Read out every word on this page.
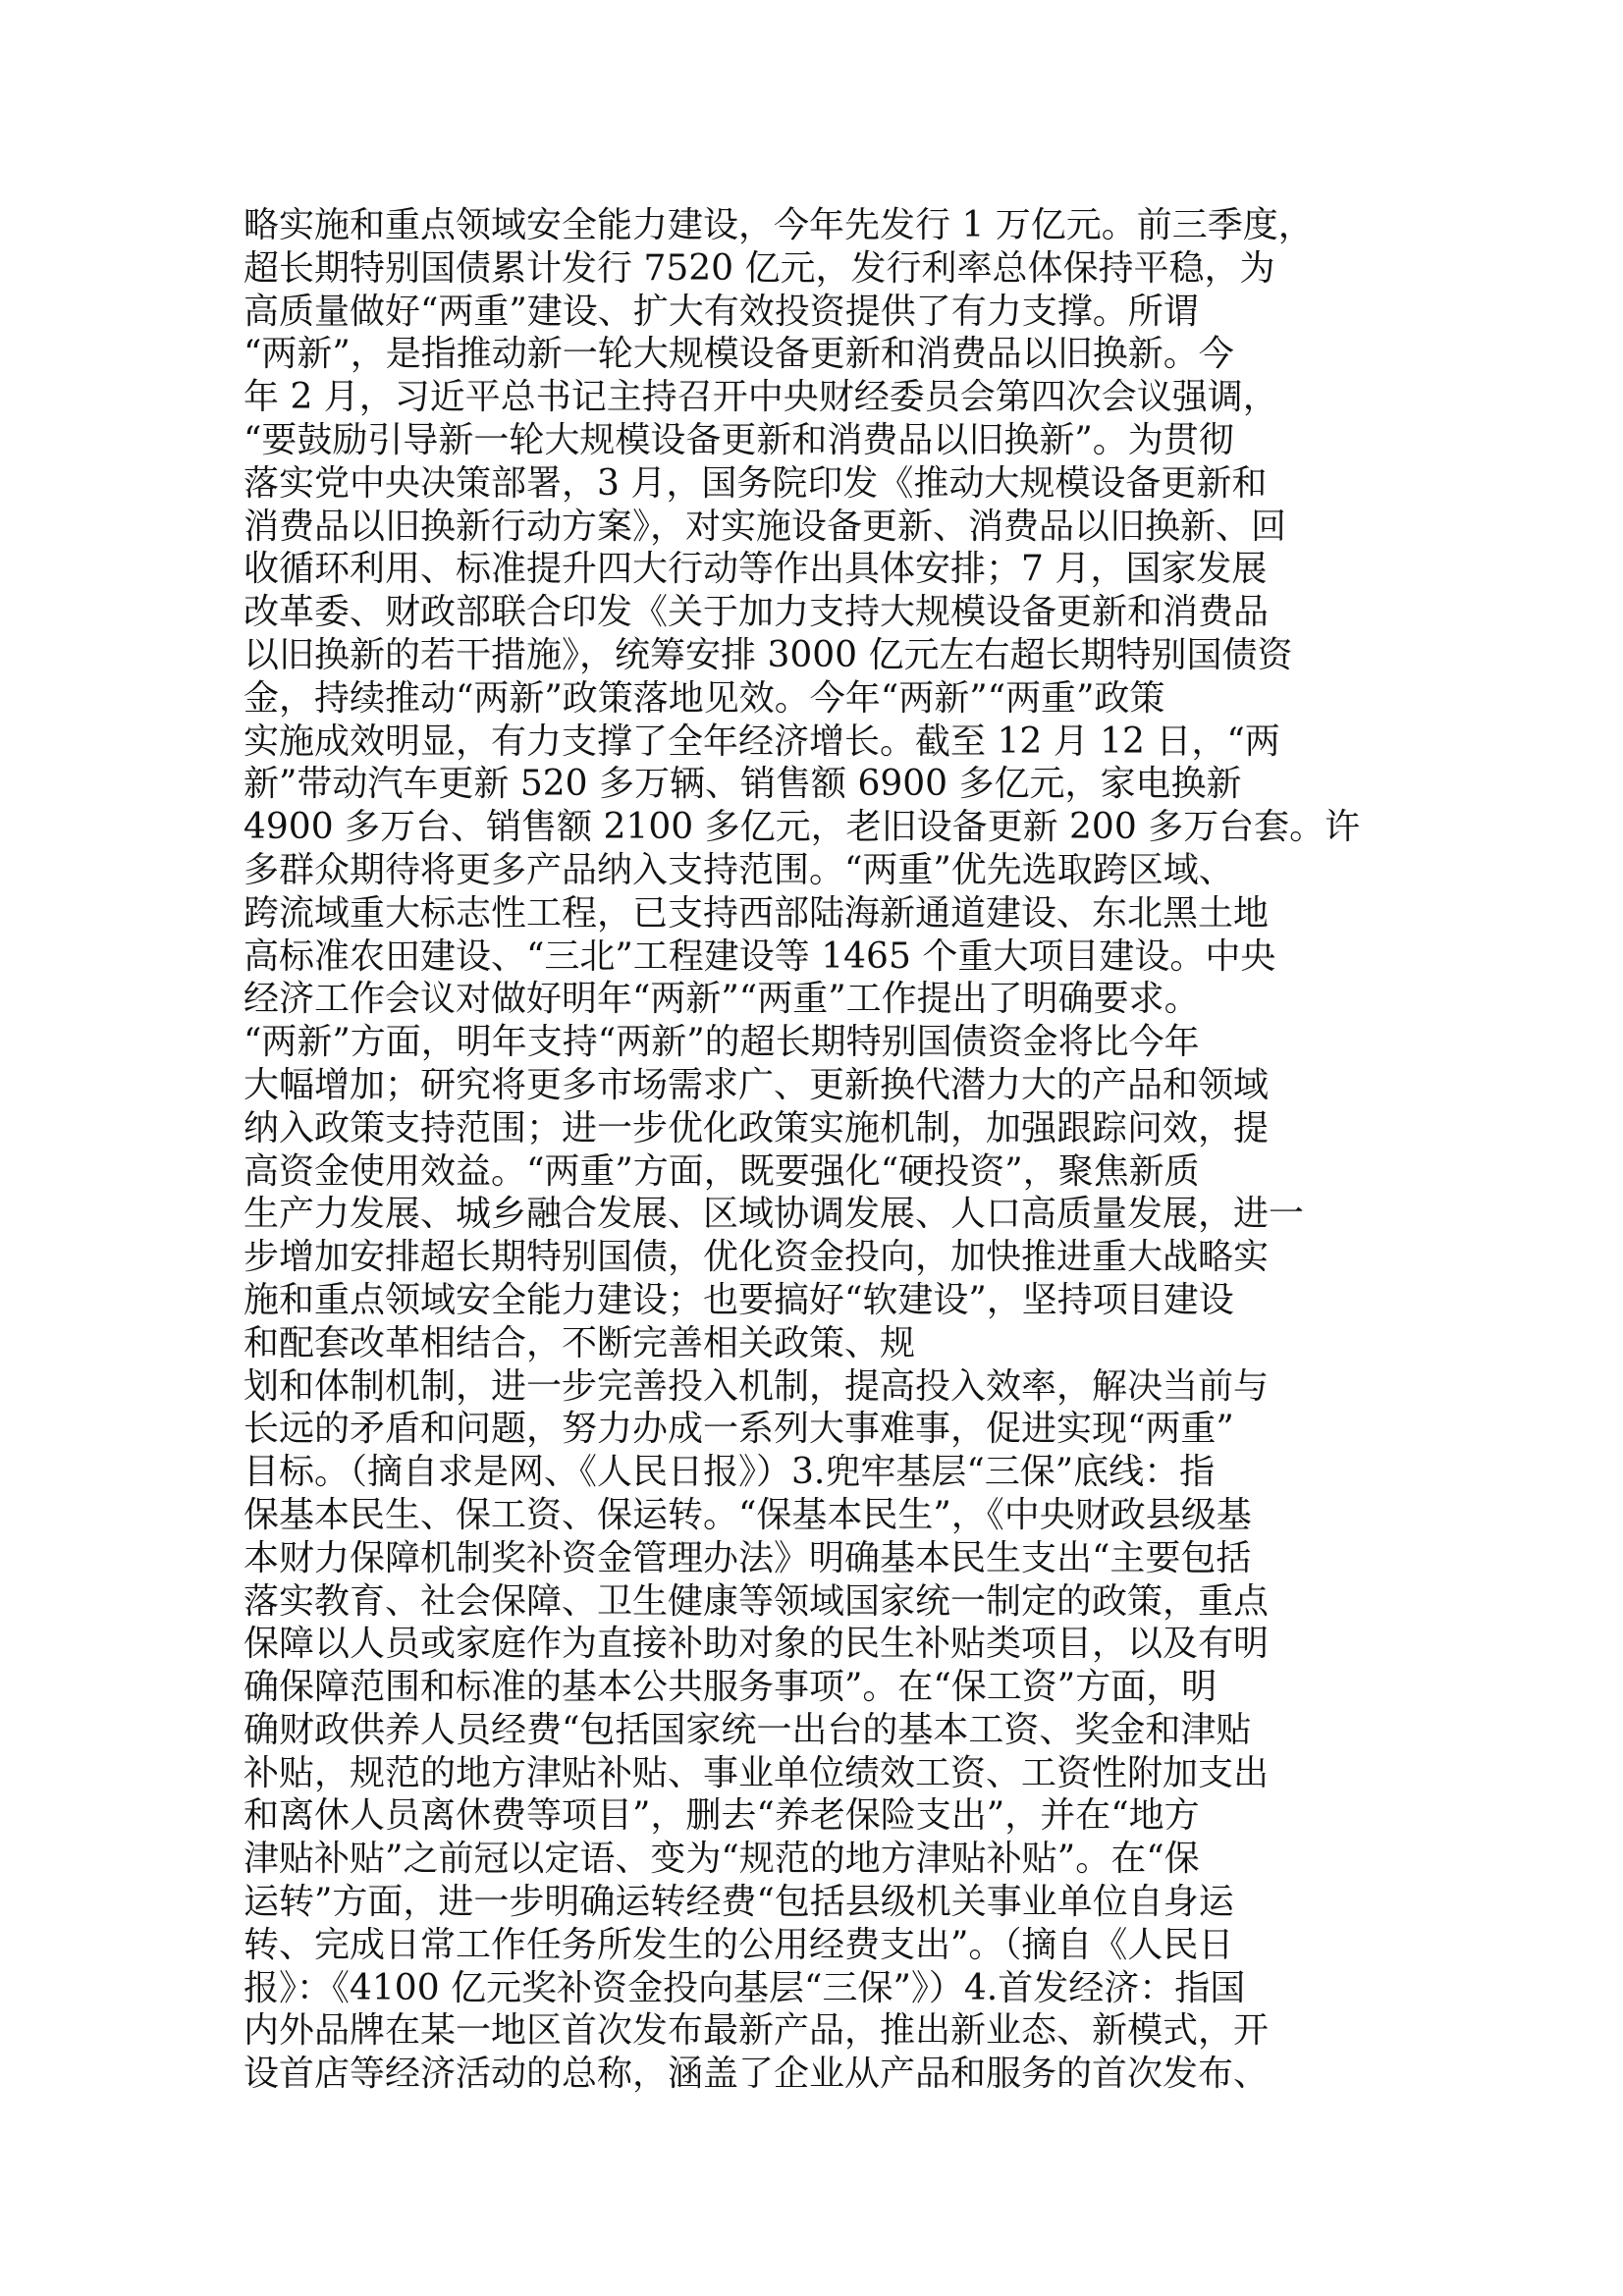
略实施和重点领域安全能力建设，今年先发行 1 万亿元。前三季度，
超长期特别国债累计发行 7520 亿元，发行利率总体保持平稳，为
高质量做好“两重”建设、扩大有效投资提供了有力支撑。所谓
“两新”，是指推动新一轮大规模设备更新和消费品以旧换新。今
年 2 月，习近平总书记主持召开中央财经委员会第四次会议强调，
“要鼓励引导新一轮大规模设备更新和消费品以旧换新”。为贯彻
落实党中央决策部署，3 月，国务院印发《推动大规模设备更新和
消费品以旧换新行动方案》，对实施设备更新、消费品以旧换新、回
收循环利用、标准提升四大行动等作出具体安排；7 月，国家发展
改革委、财政部联合印发《关于加力支持大规模设备更新和消费品
以旧换新的若干措施》，统筹安排 3000 亿元左右超长期特别国债资
金，持续推动“两新”政策落地见效。今年“两新”“两重”政策
实施成效明显，有力支撑了全年经济增长。截至 12 月 12 日，“两
新”带动汽车更新 520 多万辆、销售额 6900 多亿元，家电换新
4900 多万台、销售额 2100 多亿元，老旧设备更新 200 多万台套。许
多群众期待将更多产品纳入支持范围。“两重”优先选取跨区域、
跨流域重大标志性工程，已支持西部陆海新通道建设、东北黑土地
高标准农田建设、“三北”工程建设等 1465 个重大项目建设。中央
经济工作会议对做好明年“两新”“两重”工作提出了明确要求。
“两新”方面，明年支持“两新”的超长期特别国债资金将比今年
大幅增加；研究将更多市场需求广、更新换代潜力大的产品和领域
纳入政策支持范围；进一步优化政策实施机制，加强跟踪问效，提
高资金使用效益。“两重”方面，既要强化“硬投资”，聚焦新质
生产力发展、城乡融合发展、区域协调发展、人口高质量发展，进一
步增加安排超长期特别国债，优化资金投向，加快推进重大战略实
施和重点领域安全能力建设；也要搞好“软建设”，坚持项目建设
和配套改革相结合，不断完善相关政策、规
划和体制机制，进一步完善投入机制，提高投入效率，解决当前与
长远的矛盾和问题，努力办成一系列大事难事，促进实现“两重”
目标。（摘自求是网、《人民日报》）3.兜牢基层“三保”底线：指
保基本民生、保工资、保运转。“保基本民生”，《中央财政县级基
本财力保障机制奖补资金管理办法》明确基本民生支出“主要包括
落实教育、社会保障、卫生健康等领域国家统一制定的政策，重点
保障以人员或家庭作为直接补助对象的民生补贴类项目，以及有明
确保障范围和标准的基本公共服务事项”。在“保工资”方面，明
确财政供养人员经费“包括国家统一出台的基本工资、奖金和津贴
补贴，规范的地方津贴补贴、事业单位绩效工资、工资性附加支出
和离休人员离休费等项目”，删去“养老保险支出”，并在“地方
津贴补贴”之前冠以定语、变为“规范的地方津贴补贴”。在“保
运转”方面，进一步明确运转经费“包括县级机关事业单位自身运
转、完成日常工作任务所发生的公用经费支出”。（摘自《人民日
报》：《4100 亿元奖补资金投向基层“三保”》）4.首发经济：指国
内外品牌在某一地区首次发布最新产品，推出新业态、新模式，开
设首店等经济活动的总称，涵盖了企业从产品和服务的首次发布、
